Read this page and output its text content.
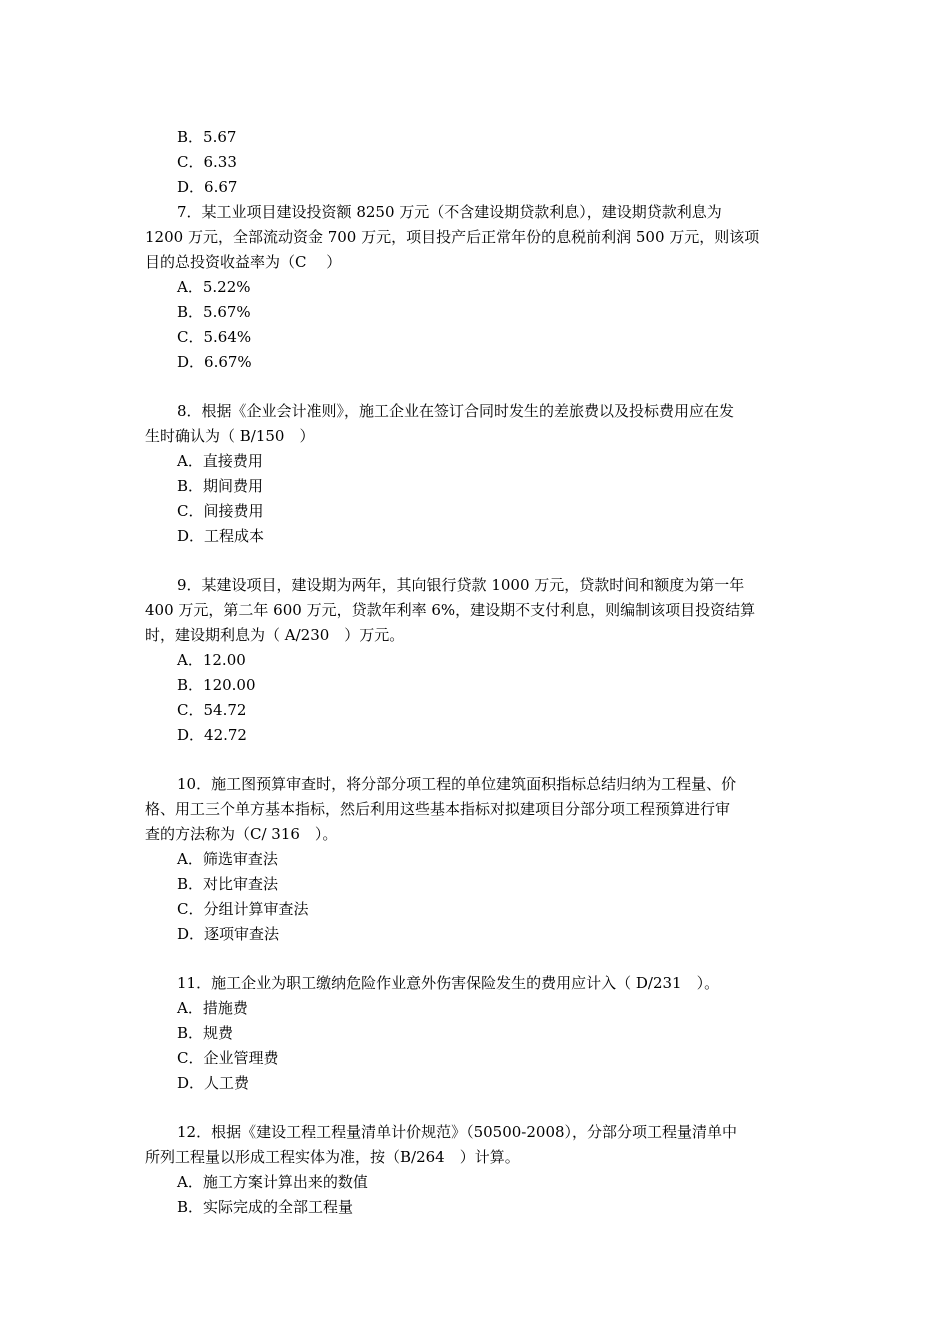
B．5.67
C．6.33
D．6.67
7．某工业项目建设投资额 8250 万元（不含建设期贷款利息），建设期贷款利息为
1200 万元，全部流动资金 700 万元，项目投产后正常年份的息税前利润 500 万元，则该项
目的总投资收益率为（C　 ）
A．5.22%
B．5.67%
C．5.64%
D．6.67%
8．根据《企业会计准则》，施工企业在签订合同时发生的差旅费以及投标费用应在发
生时确认为（ B/150　）
A．直接费用
B．期间费用
C．间接费用
D．工程成本
9．某建设项目，建设期为两年，其向银行贷款 1000 万元，贷款时间和额度为第一年
400 万元，第二年 600 万元，贷款年利率 6%，建设期不支付利息，则编制该项目投资结算
时，建设期利息为（ A/230　）万元。
A．12.00
B．120.00
C．54.72
D．42.72
10．施工图预算审查时，将分部分项工程的单位建筑面积指标总结归纳为工程量、价
格、用工三个单方基本指标，然后利用这些基本指标对拟建项目分部分项工程预算进行审
查的方法称为（C/ 316　）。
A．筛选审查法
B．对比审查法
C．分组计算审查法
D．逐项审查法
11．施工企业为职工缴纳危险作业意外伤害保险发生的费用应计入（ D/231　）。
A．措施费
B．规费
C．企业管理费
D．人工费
12．根据《建设工程工程量清单计价规范》（50500-2008），分部分项工程量清单中
所列工程量以形成工程实体为准，按（B/264　）计算。
A．施工方案计算出来的数值
B．实际完成的全部工程量
